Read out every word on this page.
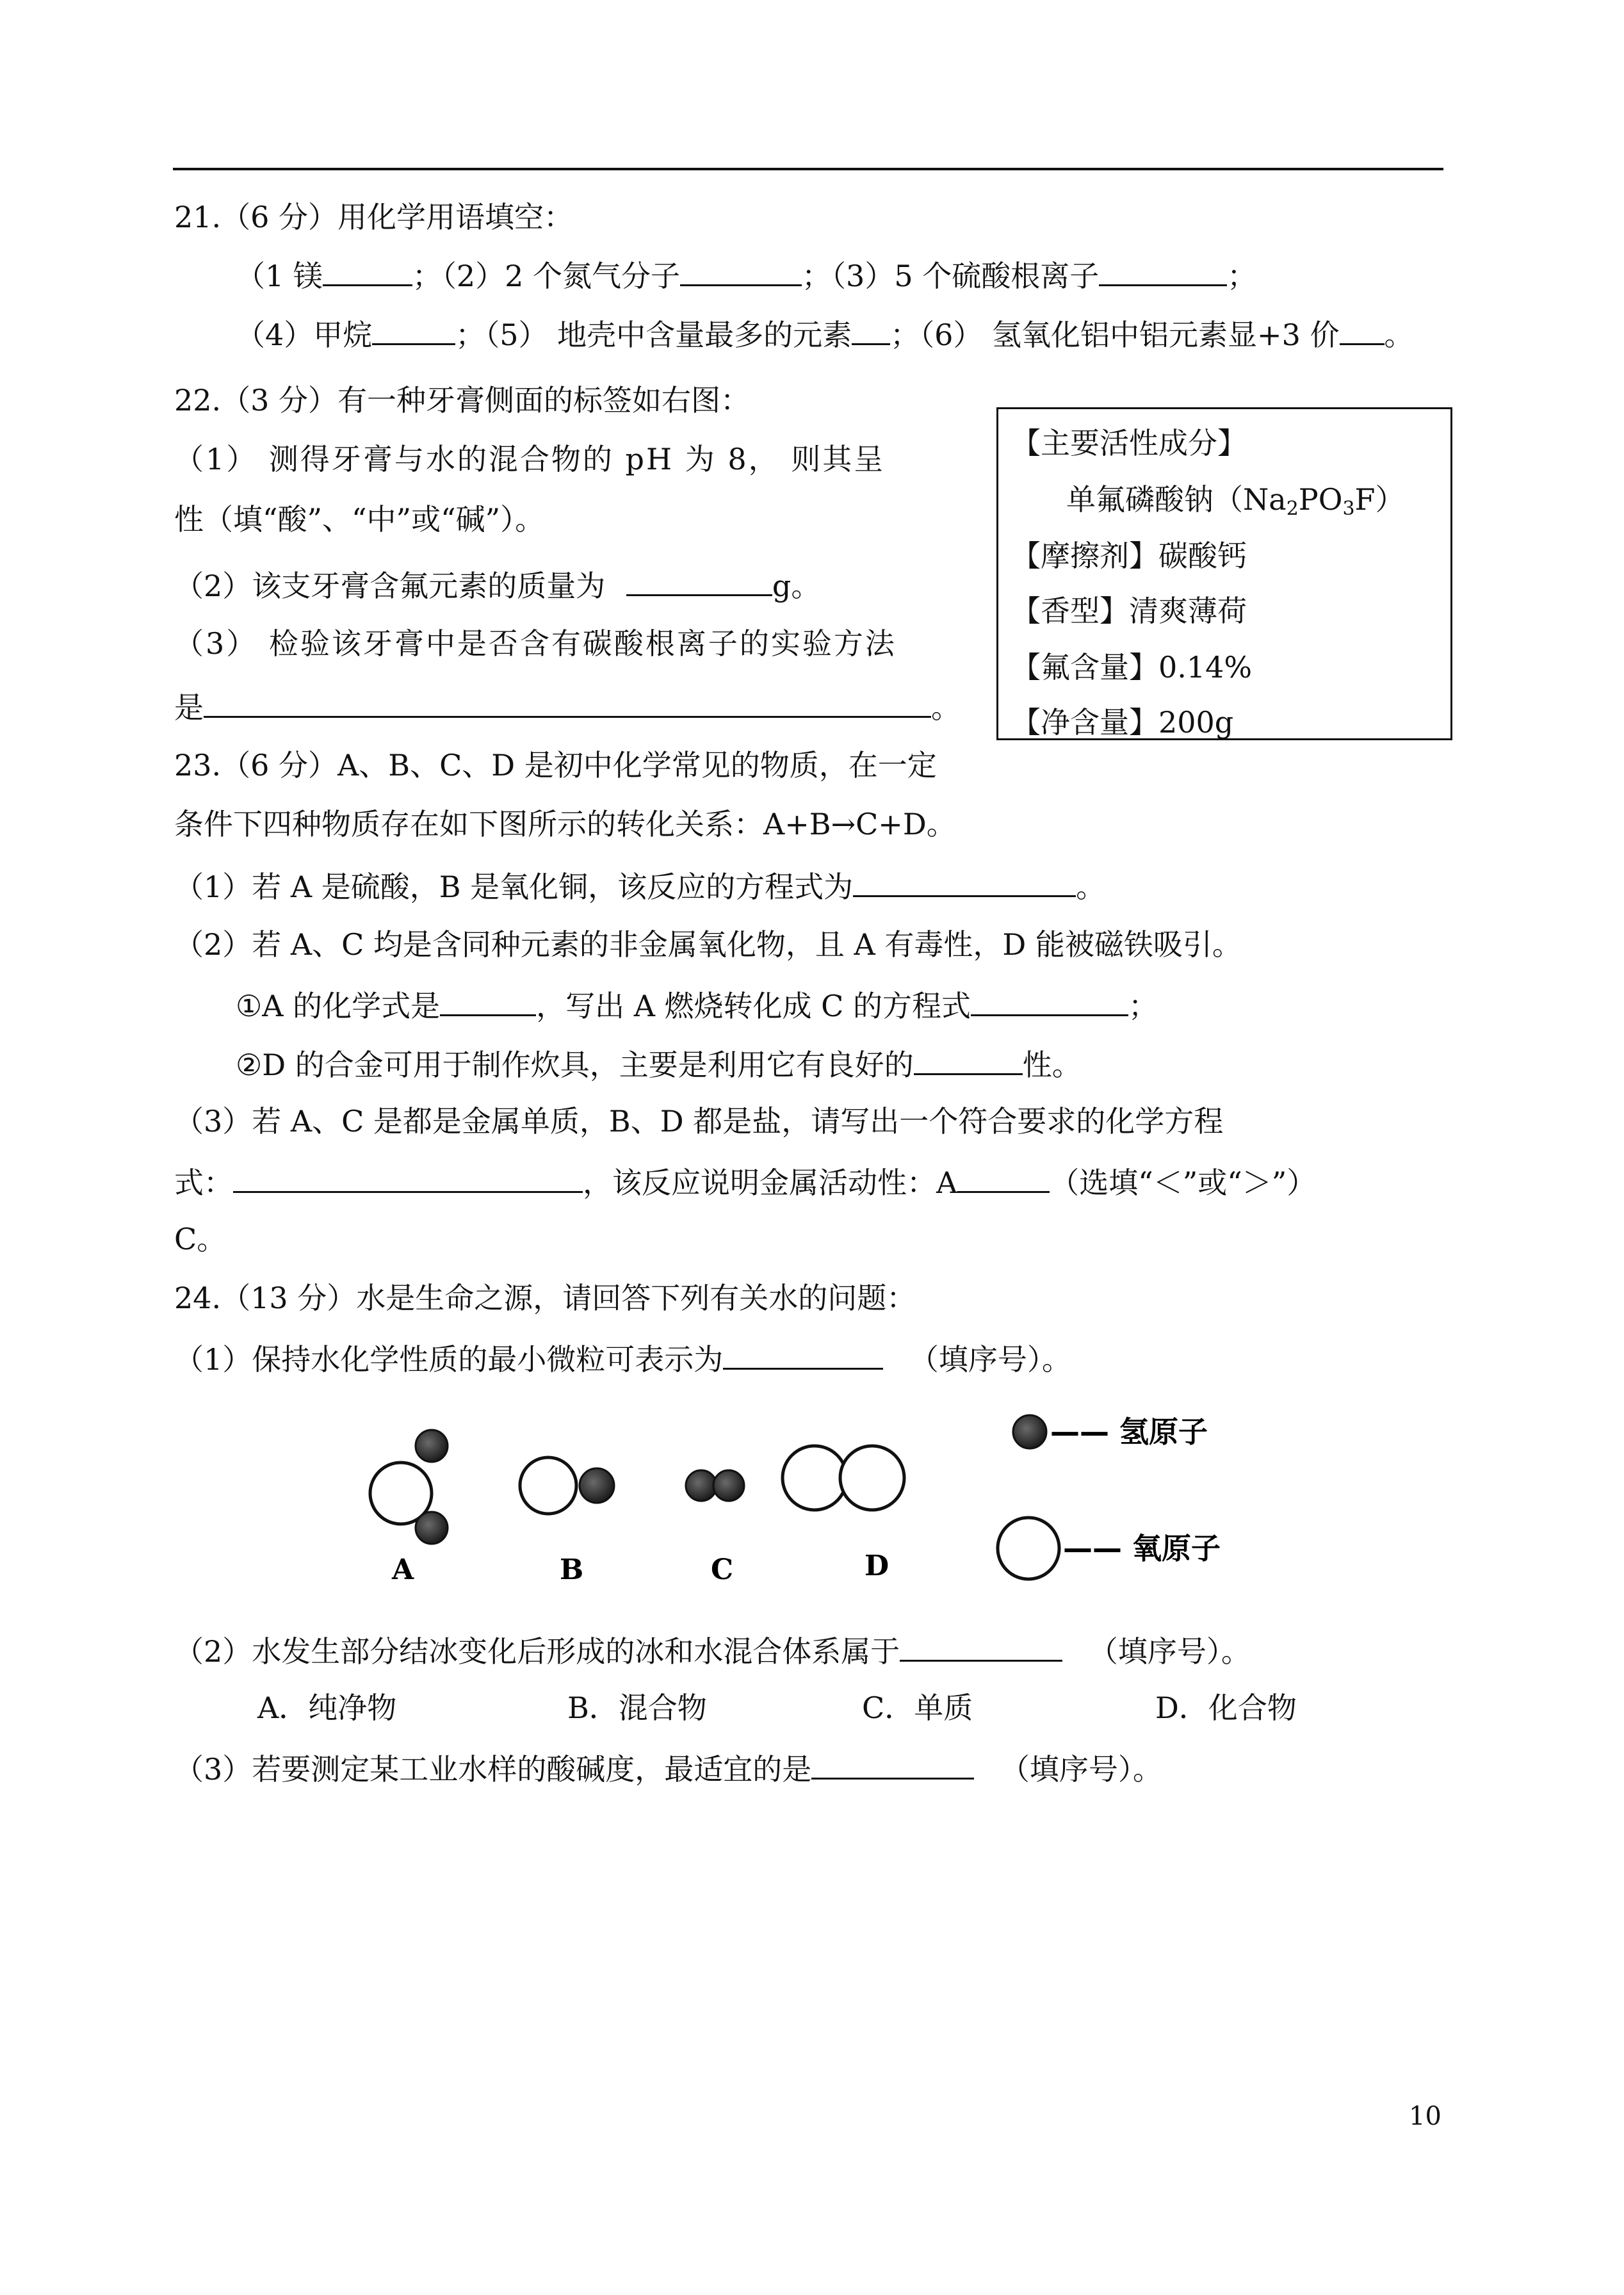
21.（6 分）用化学用语填空：
（1 镁	；（2）2 个氮气分子	；（3）5 个硫酸根离子	；
（4）甲烷	；（5） 地壳中含量最多的元素 ；（6） 氢氧化铝中铝元素显+3 价 。
22.（3 分）有一种牙膏侧面的标签如右图：
（1） 测得牙膏与水的混合物的 pH 为 8， 则其呈
性（填“酸”、“中”或“碱”）。
（2）该支牙膏含氟元素的质量为	g。
（3） 检验该牙膏中是否含有碳酸根离子的实验方法
是	。
【主要活性成分】
单氟磷酸钠$(Na_2PO_3F)$
【摩擦剂】碳酸钙
【香型】清爽薄荷
【氟含量】0.14%
【净含量】200g
23.（6 分）A、B、C、D 是初中化学常见的物质，在一定
条件下四种物质存在如下图所示的转化关系：A+B→C+D。
（1）若 A 是硫酸，B 是氧化铜，该反应的方程式为	。
（2）若 A、C 均是含同种元素的非金属氧化物，且 A 有毒性，D 能被磁铁吸引。
①A 的化学式是	，写出 A 燃烧转化成 C 的方程式	；
②D 的合金可用于制作炊具，主要是利用它有良好的	性。
（3）若 A、C 是都是金属单质，B、D 都是盐，请写出一个符合要求的化学方程
式：	，该反应说明金属活动性：A	（选填“＜”或“＞”）
C。
24.（13 分）水是生命之源，请回答下列有关水的问题：
（1）保持水化学性质的最小微粒可表示为	（填序号）。
—— 氢原子
—— 氧原子
A	B	C	D
（2）水发生部分结冰变化后形成的冰和水混合体系属于	（填序号）。
A．纯净物	B．混合物	C．单质	D．化合物
（3）若要测定某工业水样的酸碱度，最适宜的是	（填序号）。
10
